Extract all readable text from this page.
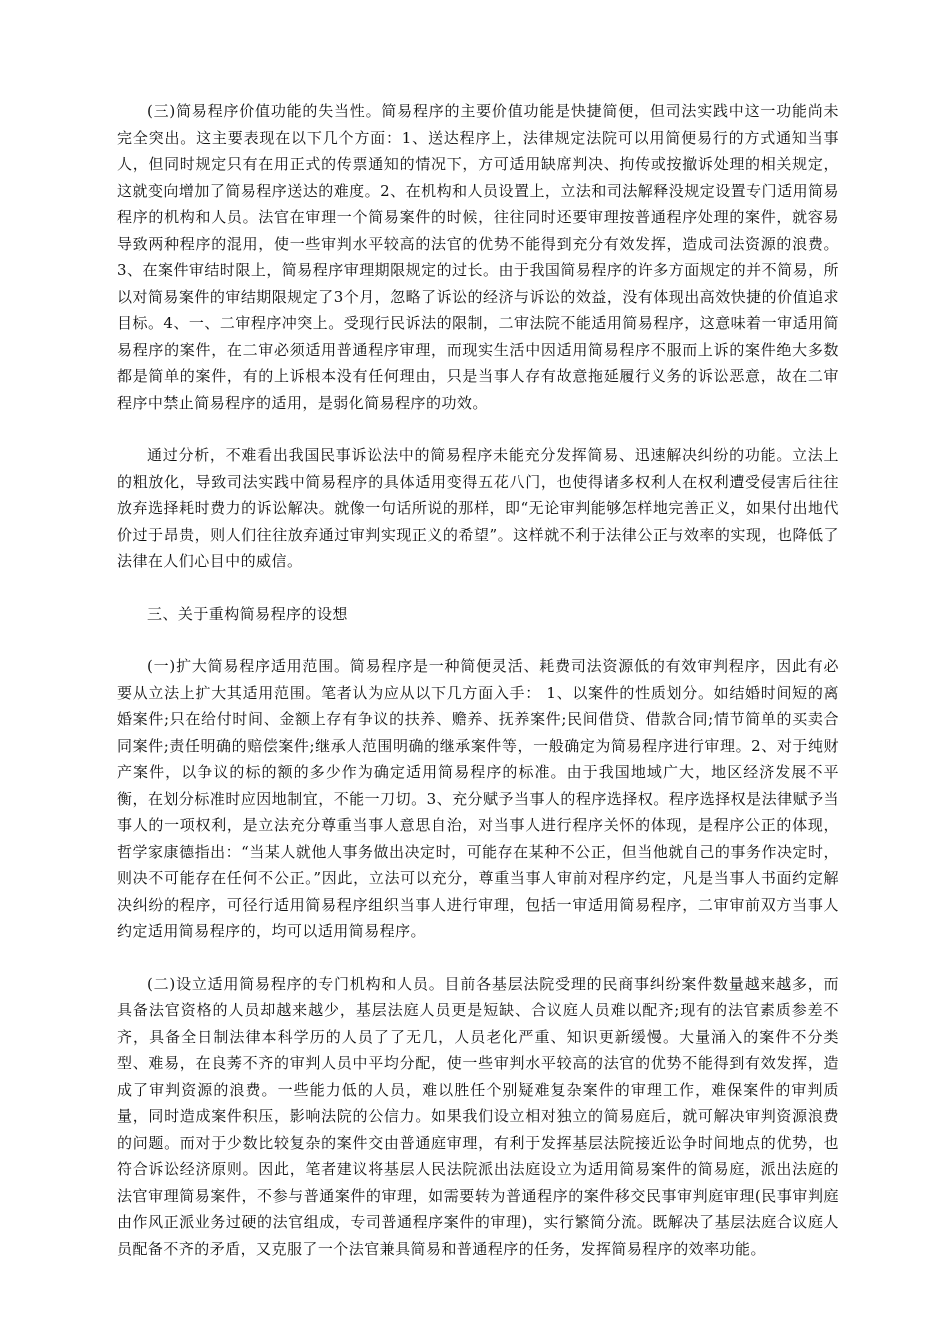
(三)简易程序价值功能的失当性。简易程序的主要价值功能是快捷简便，但司法实践中这一功能尚未完全突出。这主要表现在以下几个方面：1、送达程序上，法律规定法院可以用简便易行的方式通知当事人，但同时规定只有在用正式的传票通知的情况下，方可适用缺席判决、拘传或按撤诉处理的相关规定，这就变向增加了简易程序送达的难度。2、在机构和人员设置上，立法和司法解释没规定设置专门适用简易程序的机构和人员。法官在审理一个简易案件的时候，往往同时还要审理按普通程序处理的案件，就容易导致两种程序的混用，使一些审判水平较高的法官的优势不能得到充分有效发挥，造成司法资源的浪费。3、在案件审结时限上，简易程序审理期限规定的过长。由于我国简易程序的许多方面规定的并不简易，所以对简易案件的审结期限规定了3个月，忽略了诉讼的经济与诉讼的效益，没有体现出高效快捷的价值追求目标。4、一、二审程序冲突上。受现行民诉法的限制，二审法院不能适用简易程序，这意味着一审适用简易程序的案件，在二审必须适用普通程序审理，而现实生活中因适用简易程序不服而上诉的案件绝大多数都是简单的案件，有的上诉根本没有任何理由，只是当事人存有故意拖延履行义务的诉讼恶意，故在二审程序中禁止简易程序的适用，是弱化简易程序的功效。

通过分析，不难看出我国民事诉讼法中的简易程序未能充分发挥简易、迅速解决纠纷的功能。立法上的粗放化，导致司法实践中简易程序的具体适用变得五花八门，也使得诸多权利人在权利遭受侵害后往往放弃选择耗时费力的诉讼解决。就像一句话所说的那样，即“无论审判能够怎样地完善正义，如果付出地代价过于昂贵，则人们往往放弃通过审判实现正义的希望”。这样就不利于法律公正与效率的实现，也降低了法律在人们心目中的威信。

三、关于重构简易程序的设想

(一)扩大简易程序适用范围。简易程序是一种简便灵活、耗费司法资源低的有效审判程序，因此有必要从立法上扩大其适用范围。笔者认为应从以下几方面入手： 1、以案件的性质划分。如结婚时间短的离婚案件;只在给付时间、金额上存有争议的扶养、赡养、抚养案件;民间借贷、借款合同;情节简单的买卖合同案件;责任明确的赔偿案件;继承人范围明确的继承案件等，一般确定为简易程序进行审理。2、对于纯财产案件，以争议的标的额的多少作为确定适用简易程序的标准。由于我国地域广大，地区经济发展不平衡，在划分标准时应因地制宜，不能一刀切。3、充分赋予当事人的程序选择权。程序选择权是法律赋予当事人的一项权利，是立法充分尊重当事人意思自治，对当事人进行程序关怀的体现，是程序公正的体现，哲学家康德指出：“当某人就他人事务做出决定时，可能存在某种不公正，但当他就自己的事务作决定时，则决不可能存在任何不公正。”因此，立法可以充分，尊重当事人审前对程序约定，凡是当事人书面约定解决纠纷的程序，可径行适用简易程序组织当事人进行审理，包括一审适用简易程序，二审审前双方当事人约定适用简易程序的，均可以适用简易程序。

(二)设立适用简易程序的专门机构和人员。目前各基层法院受理的民商事纠纷案件数量越来越多，而具备法官资格的人员却越来越少，基层法庭人员更是短缺、合议庭人员难以配齐;现有的法官素质参差不齐，具备全日制法律本科学历的人员了了无几，人员老化严重、知识更新缓慢。大量涌入的案件不分类型、难易，在良莠不齐的审判人员中平均分配，使一些审判水平较高的法官的优势不能得到有效发挥，造成了审判资源的浪费。一些能力低的人员，难以胜任个别疑难复杂案件的审理工作，难保案件的审判质量，同时造成案件积压，影响法院的公信力。如果我们设立相对独立的简易庭后，就可解决审判资源浪费的问题。而对于少数比较复杂的案件交由普通庭审理，有利于发挥基层法院接近讼争时间地点的优势，也符合诉讼经济原则。因此，笔者建议将基层人民法院派出法庭设立为适用简易案件的简易庭，派出法庭的法官审理简易案件，不参与普通案件的审理，如需要转为普通程序的案件移交民事审判庭审理(民事审判庭由作风正派业务过硬的法官组成，专司普通程序案件的审理)，实行繁简分流。既解决了基层法庭合议庭人员配备不齐的矛盾，又克服了一个法官兼具简易和普通程序的任务，发挥简易程序的效率功能。
